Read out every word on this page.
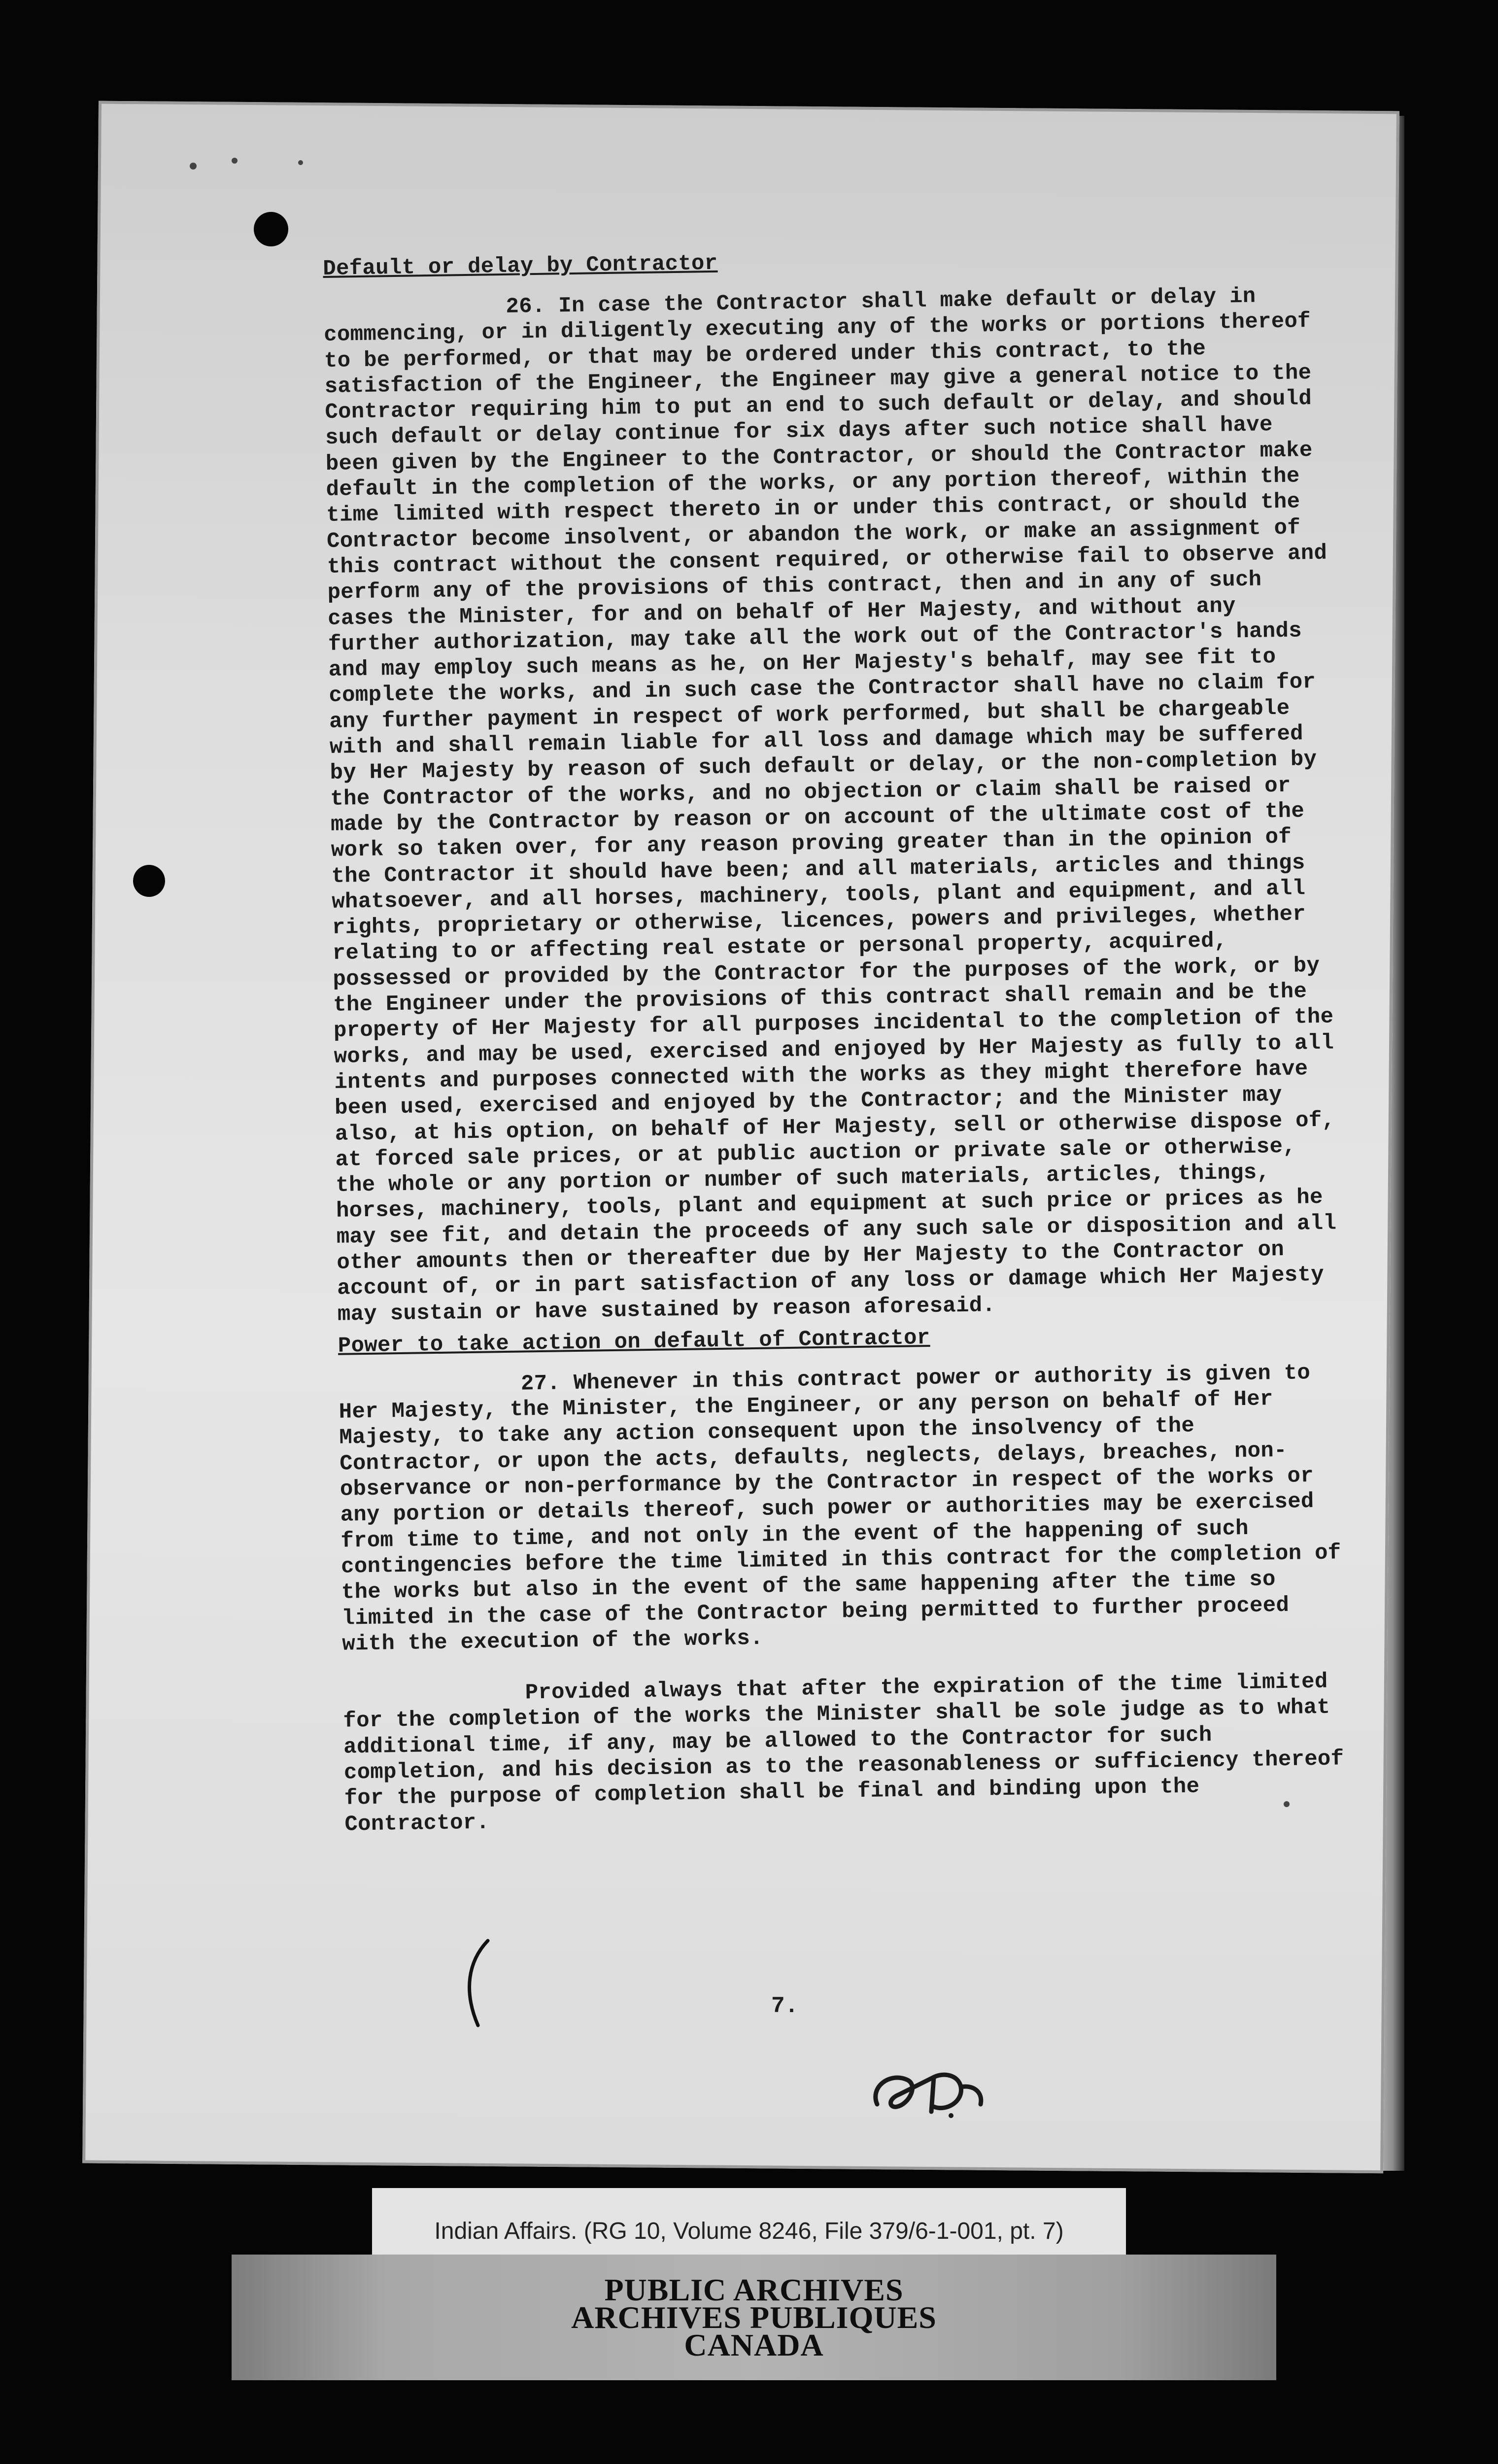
Default or delay by Contractor

26. In case the Contractor shall make default or delay in commencing, or in diligently executing any of the works or portions thereof to be performed, or that may be ordered under this contract, to the satisfaction of the Engineer, the Engineer may give a general notice to the Contractor requiring him to put an end to such default or delay, and should such default or delay continue for six days after such notice shall have been given by the Engineer to the Contractor, or should the Contractor make default in the completion of the works, or any portion thereof, within the time limited with respect thereto in or under this contract, or should the Contractor become insolvent, or abandon the work, or make an assignment of this contract without the consent required, or otherwise fail to observe and perform any of the provisions of this contract, then and in any of such cases the Minister, for and on behalf of Her Majesty, and without any further authorization, may take all the work out of the Contractor's hands and may employ such means as he, on Her Majesty's behalf, may see fit to complete the works, and in such case the Contractor shall have no claim for any further payment in respect of work performed, but shall be chargeable with and shall remain liable for all loss and damage which may be suffered by Her Majesty by reason of such default or delay, or the non-completion by the Contractor of the works, and no objection or claim shall be raised or made by the Contractor by reason or on account of the ultimate cost of the work so taken over, for any reason proving greater than in the opinion of the Contractor it should have been; and all materials, articles and things whatsoever, and all horses, machinery, tools, plant and equipment, and all rights, proprietary or otherwise, licences, powers and privileges, whether relating to or affecting real estate or personal property, acquired, possessed or provided by the Contractor for the purposes of the work, or by the Engineer under the provisions of this contract shall remain and be the property of Her Majesty for all purposes incidental to the completion of the works, and may be used, exercised and enjoyed by Her Majesty as fully to all intents and purposes connected with the works as they might therefore have been used, exercised and enjoyed by the Contractor; and the Minister may also, at his option, on behalf of Her Majesty, sell or otherwise dispose of, at forced sale prices, or at public auction or private sale or otherwise, the whole or any portion or number of such materials, articles, things, horses, machinery, tools, plant and equipment at such price or prices as he may see fit, and detain the proceeds of any such sale or disposition and all other amounts then or thereafter due by Her Majesty to the Contractor on account of, or in part satisfaction of any loss or damage which Her Majesty may sustain or have sustained by reason aforesaid.

Power to take action on default of Contractor

27. Whenever in this contract power or authority is given to Her Majesty, the Minister, the Engineer, or any person on behalf of Her Majesty, to take any action consequent upon the insolvency of the Contractor, or upon the acts, defaults, neglects, delays, breaches, non-observance or non-performance by the Contractor in respect of the works or any portion or details thereof, such power or authorities may be exercised from time to time, and not only in the event of the happening of such contingencies before the time limited in this contract for the completion of the works but also in the event of the same happening after the time so limited in the case of the Contractor being permitted to further proceed with the execution of the works.

Provided always that after the expiration of the time limited for the completion of the works the Minister shall be sole judge as to what additional time, if any, may be allowed to the Contractor for such completion, and his decision as to the reasonableness or sufficiency thereof for the purpose of completion shall be final and binding upon the Contractor.

7.
Indian Affairs. (RG 10, Volume 8246, File 379/6-1-001, pt. 7)
PUBLIC ARCHIVES
ARCHIVES PUBLIQUES
CANADA
